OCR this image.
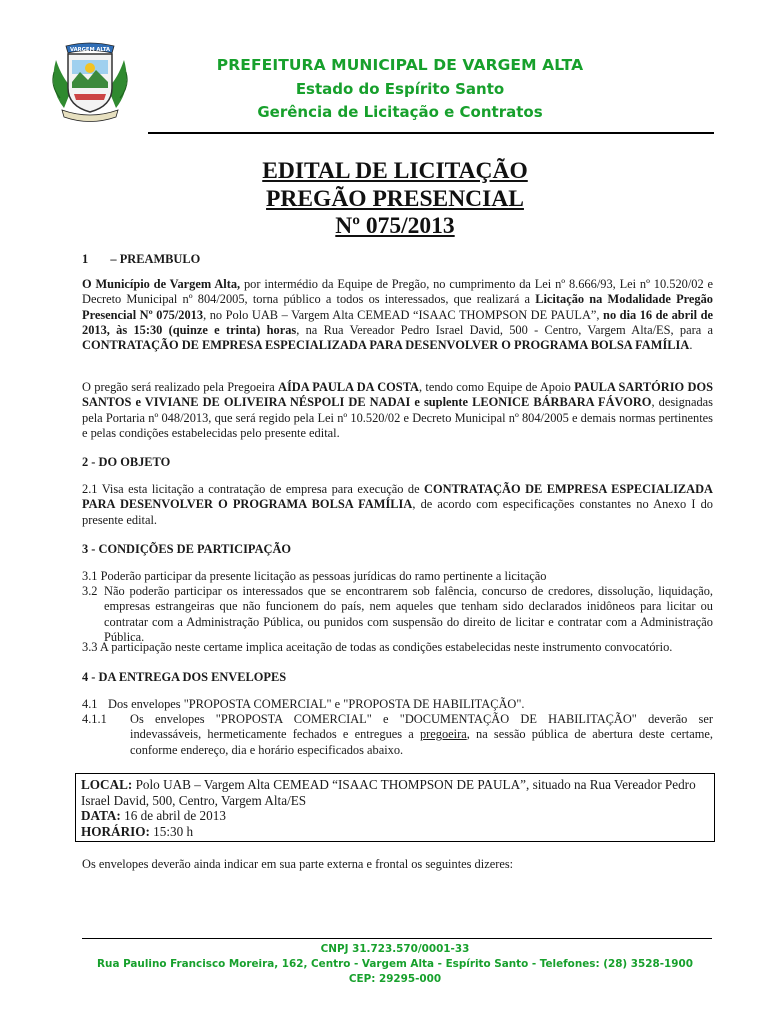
VARGEM ALTA
PREFEITURA MUNICIPAL DE VARGEM ALTA
Estado do Espírito Santo
Gerência de Licitação e Contratos
EDITAL DE LICITAÇÃO
PREGÃO PRESENCIAL
Nº 075/2013
1 – PREAMBULO

O Município de Vargem Alta, por intermédio da Equipe de Pregão, no cumprimento da Lei nº 8.666/93, Lei nº 10.520/02 e Decreto Municipal nº 804/2005, torna público a todos os interessados, que realizará a Licitação na Modalidade Pregão Presencial Nº 075/2013, no Polo UAB – Vargem Alta CEMEAD “ISAAC THOMPSON DE PAULA”, no dia 16 de abril de 2013, às 15:30 (quinze e trinta) horas, na Rua Vereador Pedro Israel David, 500 - Centro, Vargem Alta/ES, para a CONTRATAÇÃO DE EMPRESA ESPECIALIZADA PARA DESENVOLVER O PROGRAMA BOLSA FAMÍLIA.

O pregão será realizado pela Pregoeira AÍDA PAULA DA COSTA, tendo como Equipe de Apoio PAULA SARTÓRIO DOS SANTOS e VIVIANE DE OLIVEIRA NÉSPOLI DE NADAI e suplente LEONICE BÁRBARA FÁVORO, designadas pela Portaria nº 048/2013, que será regido pela Lei nº 10.520/02 e Decreto Municipal nº 804/2005 e demais normas pertinentes e pelas condições estabelecidas pelo presente edital.

2 - DO OBJETO

2.1 Visa esta licitação a contratação de empresa para execução de CONTRATAÇÃO DE EMPRESA ESPECIALIZADA PARA DESENVOLVER O PROGRAMA BOLSA FAMÍLIA, de acordo com especificações constantes no Anexo I do presente edital.

3 - CONDIÇÕES DE PARTICIPAÇÃO

3.1 Poderão participar da presente licitação as pessoas jurídicas do ramo pertinente a licitação

3.2 Não poderão participar os interessados que se encontrarem sob falência, concurso de credores, dissolução, liquidação, empresas estrangeiras que não funcionem do país, nem aqueles que tenham sido declarados inidôneos para licitar ou contratar com a Administração Pública, ou punidos com suspensão do direito de licitar e contratar com a Administração Pública.

3.3 A participação neste certame implica aceitação de todas as condições estabelecidas neste instrumento convocatório.

4 - DA ENTREGA DOS ENVELOPES
4.1 Dos envelopes "PROPOSTA COMERCIAL" e "PROPOSTA DE HABILITAÇÃO".

4.1.1 Os envelopes "PROPOSTA COMERCIAL" e "DOCUMENTAÇÃO DE HABILITAÇÃO" deverão ser indevassáveis, hermeticamente fechados e entregues a pregoeira, na sessão pública de abertura deste certame, conforme endereço, dia e horário especificados abaixo.

LOCAL: Polo UAB – Vargem Alta CEMEAD “ISAAC THOMPSON DE PAULA”, situado na Rua Vereador Pedro Israel David, 500, Centro, Vargem Alta/ES
DATA: 16 de abril de 2013
HORÁRIO: 15:30 h

Os envelopes deverão ainda indicar em sua parte externa e frontal os seguintes dizeres:

CNPJ 31.723.570/0001-33
Rua Paulino Francisco Moreira, 162, Centro - Vargem Alta - Espírito Santo - Telefones: (28) 3528-1900
CEP: 29295-000
